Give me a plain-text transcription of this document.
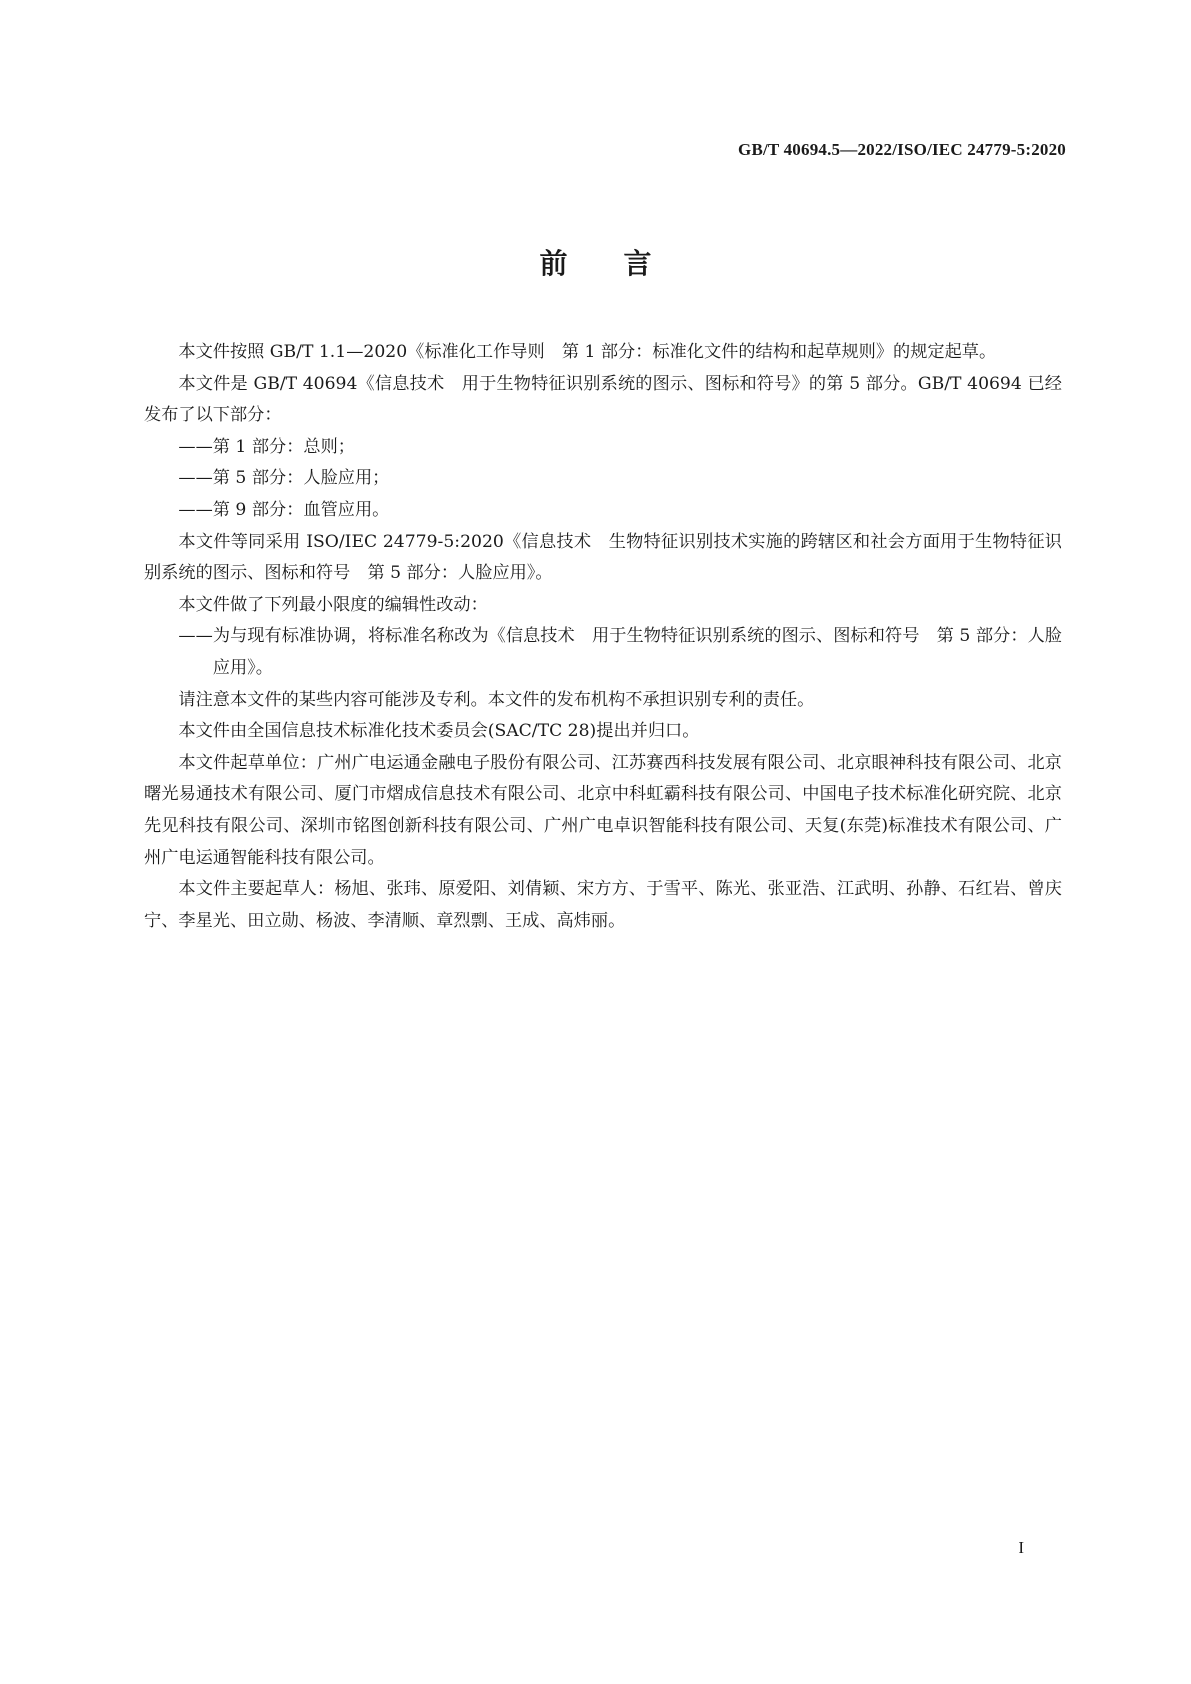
GB/T 40694.5—2022/ISO/IEC 24779-5:2020
前言

本文件按照 GB/T 1.1—2020《标准化工作导则　第 1 部分：标准化文件的结构和起草规则》的规定起草。

本文件是 GB/T 40694《信息技术　用于生物特征识别系统的图示、图标和符号》的第 5 部分。GB/T 40694 已经发布了以下部分：

——第 1 部分：总则；

——第 5 部分：人脸应用；

——第 9 部分：血管应用。

本文件等同采用 ISO/IEC 24779-5:2020《信息技术　生物特征识别技术实施的跨辖区和社会方面用于生物特征识别系统的图示、图标和符号　第 5 部分：人脸应用》。

本文件做了下列最小限度的编辑性改动：

——为与现有标准协调，将标准名称改为《信息技术　用于生物特征识别系统的图示、图标和符号　第 5 部分：人脸应用》。

请注意本文件的某些内容可能涉及专利。本文件的发布机构不承担识别专利的责任。

本文件由全国信息技术标准化技术委员会(SAC/TC 28)提出并归口。

本文件起草单位：广州广电运通金融电子股份有限公司、江苏赛西科技发展有限公司、北京眼神科技有限公司、北京曙光易通技术有限公司、厦门市熠成信息技术有限公司、北京中科虹霸科技有限公司、中国电子技术标准化研究院、北京先见科技有限公司、深圳市铭图创新科技有限公司、广州广电卓识智能科技有限公司、天复(东莞)标准技术有限公司、广州广电运通智能科技有限公司。

本文件主要起草人：杨旭、张玮、原爱阳、刘倩颖、宋方方、于雪平、陈光、张亚浩、江武明、孙静、石红岩、曾庆宁、李星光、田立勋、杨波、李清顺、章烈剽、王成、高炜丽。

I
